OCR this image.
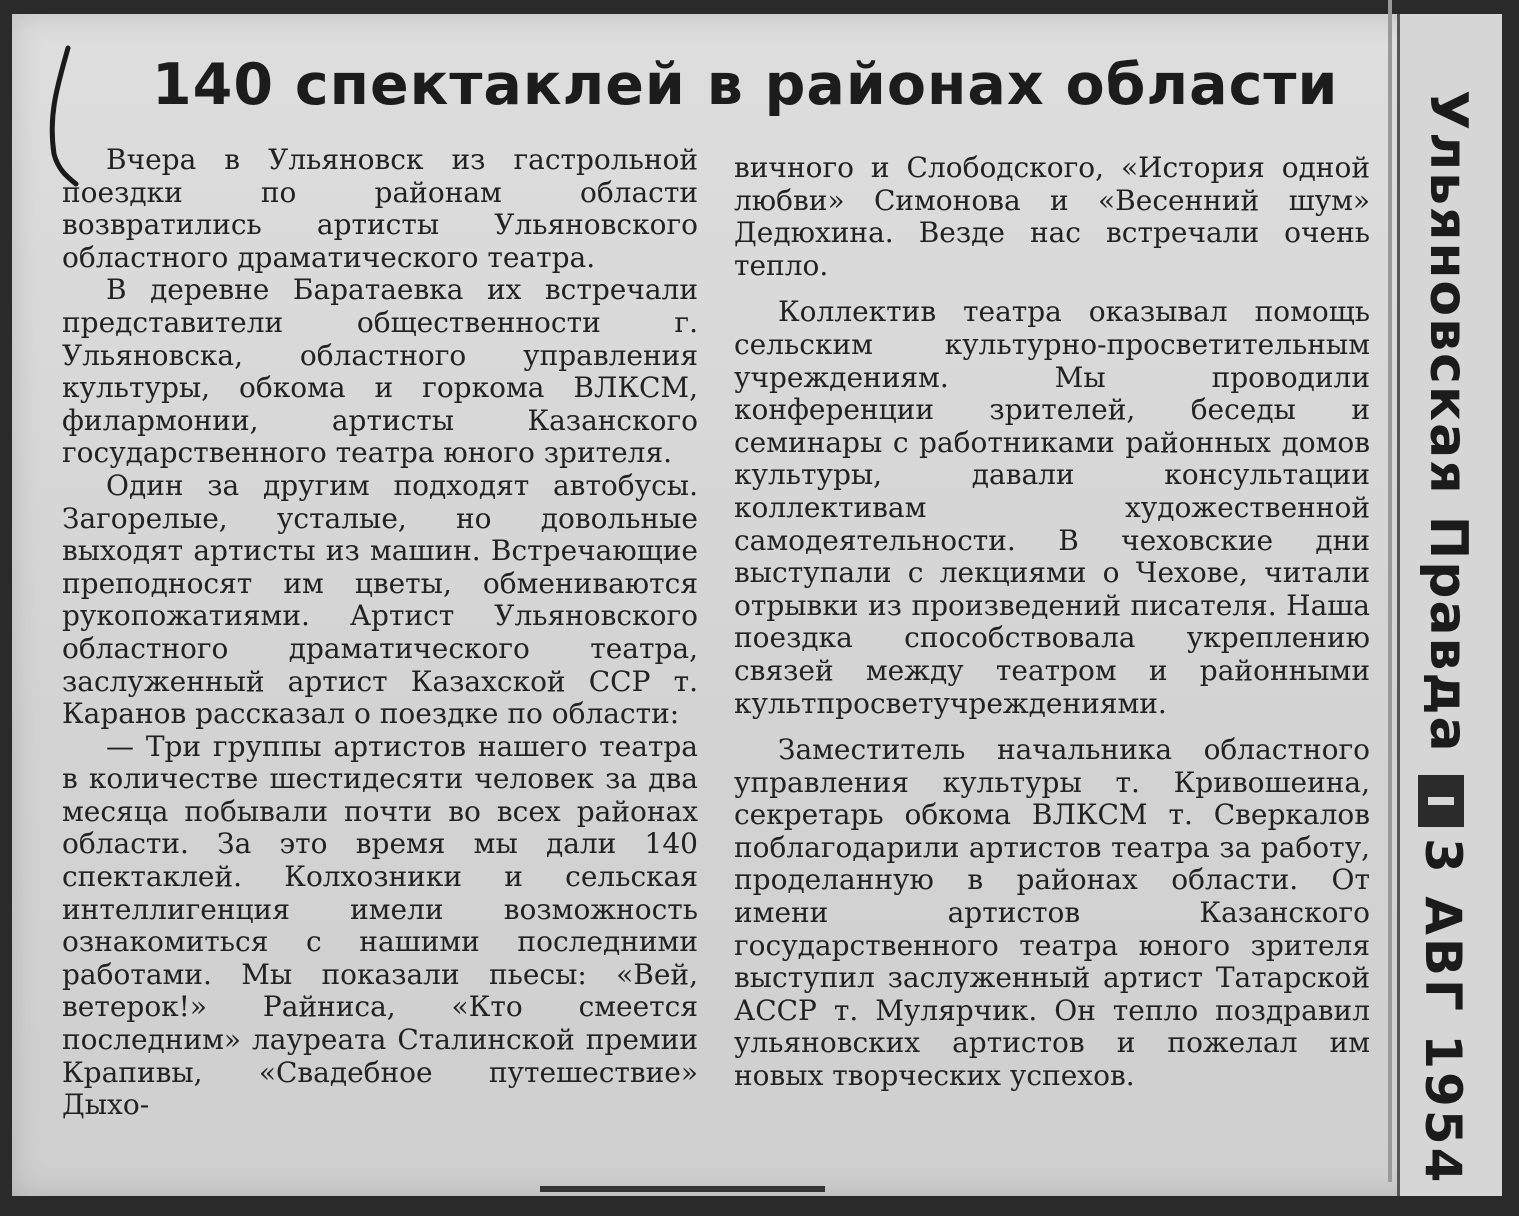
140 спектаклей в районах области

Вчера в Ульяновск из гастрольной поездки по районам области возвратились артисты Ульяновского областного драматического театра.

В деревне Баратаевка их встречали представители общественности г. Ульяновска, областного управления культуры, обкома и горкома ВЛКСМ, филармонии, артисты Казанского государственного театра юного зрителя.

Один за другим подходят автобусы. Загорелые, усталые, но довольные выходят артисты из машин. Встречающие преподносят им цветы, обмениваются рукопожатиями. Артист Ульяновского областного драматического театра, заслуженный артист Казахской ССР т. Каранов рассказал о поездке по области:

— Три группы артистов нашего театра в количестве шестидесяти человек за два месяца побывали почти во всех районах области. За это время мы дали 140 спектаклей. Колхозники и сельская интеллигенция имели возможность ознакомиться с нашими последними работами. Мы показали пьесы: «Вей, ветерок!» Райниса, «Кто смеется последним» лауреата Сталинской премии Крапивы, «Свадебное путешествие» Дыхо-

вичного и Слободского, «История одной любви» Симонова и «Весенний шум» Дедюхина. Везде нас встречали очень тепло.

Коллектив театра оказывал помощь сельским культурно-просветительным учреждениям. Мы проводили конференции зрителей, беседы и семинары с работниками районных домов культуры, давали консультации коллективам художественной самодеятельности. В чеховские дни выступали с лекциями о Чехове, читали отрывки из произведений писателя. Наша поездка способствовала укреплению связей между театром и районными культпросветучреждениями.

Заместитель начальника областного управления культуры т. Кривошеина, секретарь обкома ВЛКСМ т. Сверкалов поблагодарили артистов театра за работу, проделанную в районах области. От имени артистов Казанского государственного театра юного зрителя выступил заслуженный артист Татарской АССР т. Мулярчик. Он тепло поздравил ульяновских артистов и пожелал им новых творческих успехов.

Ульяновская Правда
3 АВГ 1954
